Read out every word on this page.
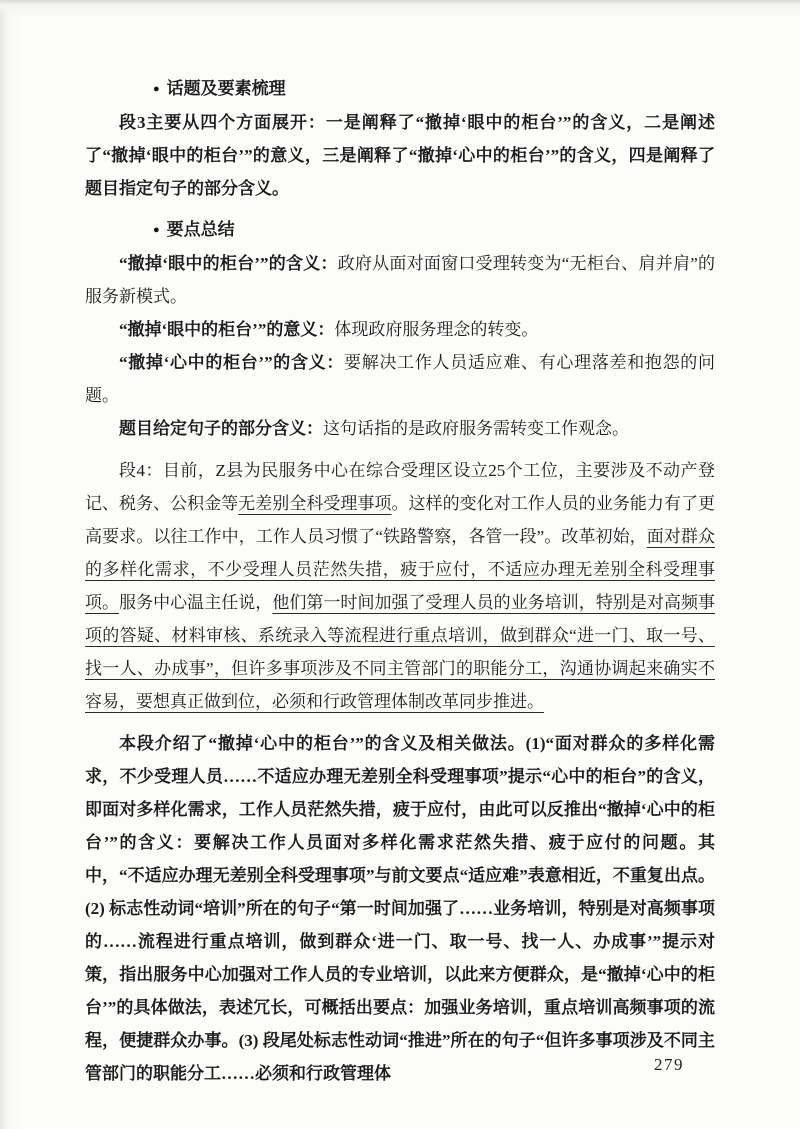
● 话题及要素梳理

段3主要从四个方面展开：一是阐释了“撤掉‘眼中的柜台’”的含义，二是阐述了“撤掉‘眼中的柜台’”的意义，三是阐释了“撤掉‘心中的柜台’”的含义，四是阐释了题目指定句子的部分含义。

● 要点总结

“撤掉‘眼中的柜台’”的含义：政府从面对面窗口受理转变为“无柜台、肩并肩”的服务新模式。

“撤掉‘眼中的柜台’”的意义：体现政府服务理念的转变。

“撤掉‘心中的柜台’”的含义：要解决工作人员适应难、有心理落差和抱怨的问题。

题目给定句子的部分含义：这句话指的是政府服务需转变工作观念。

段4：目前，Z县为民服务中心在综合受理区设立25个工位，主要涉及不动产登记、税务、公积金等无差别全科受理事项。这样的变化对工作人员的业务能力有了更高要求。以往工作中，工作人员习惯了“铁路警察，各管一段”。改革初始，面对群众的多样化需求，不少受理人员茫然失措，疲于应付，不适应办理无差别全科受理事项。服务中心温主任说，他们第一时间加强了受理人员的业务培训，特别是对高频事项的答疑、材料审核、系统录入等流程进行重点培训，做到群众“进一门、取一号、找一人、办成事”，但许多事项涉及不同主管部门的职能分工，沟通协调起来确实不容易，要想真正做到位，必须和行政管理体制改革同步推进。

本段介绍了“撤掉‘心中的柜台’”的含义及相关做法。(1)“面对群众的多样化需求，不少受理人员……不适应办理无差别全科受理事项”提示“心中的柜台”的含义，即面对多样化需求，工作人员茫然失措，疲于应付，由此可以反推出“撤掉‘心中的柜台’”的含义：要解决工作人员面对多样化需求茫然失措、疲于应付的问题。其中，“不适应办理无差别全科受理事项”与前文要点“适应难”表意相近，不重复出点。(2) 标志性动词“培训”所在的句子“第一时间加强了……业务培训，特别是对高频事项的……流程进行重点培训，做到群众‘进一门、取一号、找一人、办成事’”提示对策，指出服务中心加强对工作人员的专业培训，以此来方便群众，是“撤掉‘心中的柜台’”的具体做法，表述冗长，可概括出要点：加强业务培训，重点培训高频事项的流程，便捷群众办事。(3) 段尾处标志性动词“推进”所在的句子“但许多事项涉及不同主管部门的职能分工……必须和行政管理体	279
